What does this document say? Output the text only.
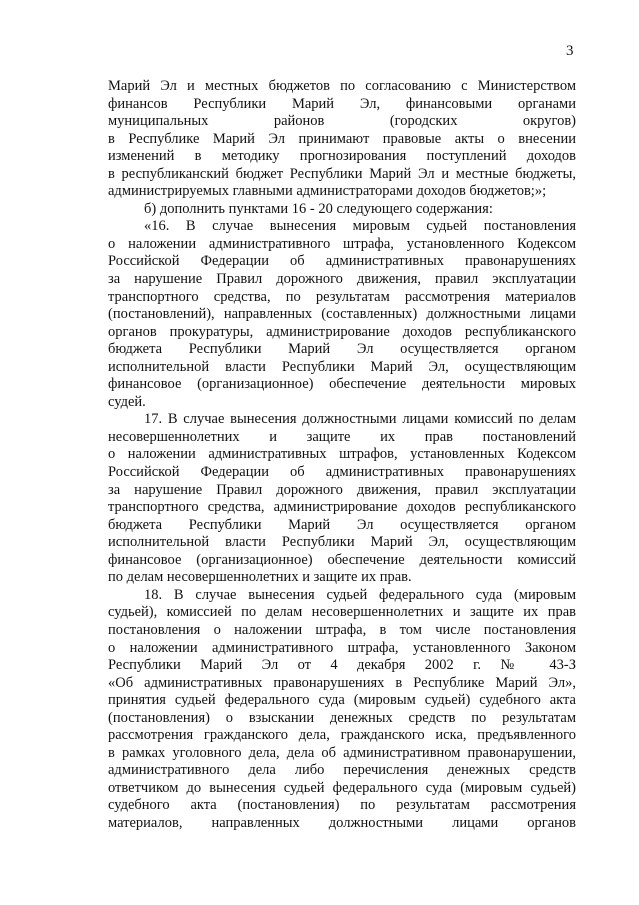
3
Марий Эл и местных бюджетов по согласованию с Министерством
финансов Республики Марий Эл, финансовыми органами
муниципальных районов (городских округов)
в Республике Марий Эл принимают правовые акты о внесении
изменений в методику прогнозирования поступлений доходов
в республиканский бюджет Республики Марий Эл и местные бюджеты,
администрируемых главными администраторами доходов бюджетов;»;
б) дополнить пунктами 16 - 20 следующего содержания:
«16. В случае вынесения мировым судьей постановления
о наложении административного штрафа, установленного Кодексом
Российской Федерации об административных правонарушениях
за нарушение Правил дорожного движения, правил эксплуатации
транспортного средства, по результатам рассмотрения материалов
(постановлений), направленных (составленных) должностными лицами
органов прокуратуры, администрирование доходов республиканского
бюджета Республики Марий Эл осуществляется органом
исполнительной власти Республики Марий Эл, осуществляющим
финансовое (организационное) обеспечение деятельности мировых
судей.
17. В случае вынесения должностными лицами комиссий по делам
несовершеннолетних и защите их прав постановлений
о наложении административных штрафов, установленных Кодексом
Российской Федерации об административных правонарушениях
за нарушение Правил дорожного движения, правил эксплуатации
транспортного средства, администрирование доходов республиканского
бюджета Республики Марий Эл осуществляется органом
исполнительной власти Республики Марий Эл, осуществляющим
финансовое (организационное) обеспечение деятельности комиссий
по делам несовершеннолетних и защите их прав.
18. В случае вынесения судьей федерального суда (мировым
судьей), комиссией по делам несовершеннолетних и защите их прав
постановления о наложении штрафа, в том числе постановления
о наложении административного штрафа, установленного Законом
Республики Марий Эл от 4 декабря 2002 г. № 43-З
«Об административных правонарушениях в Республике Марий Эл»,
принятия судьей федерального суда (мировым судьей) судебного акта
(постановления) о взыскании денежных средств по результатам
рассмотрения гражданского дела, гражданского иска, предъявленного
в рамках уголовного дела, дела об административном правонарушении,
административного дела либо перечисления денежных средств
ответчиком до вынесения судьей федерального суда (мировым судьей)
судебного акта (постановления) по результатам рассмотрения
материалов, направленных должностными лицами органов
